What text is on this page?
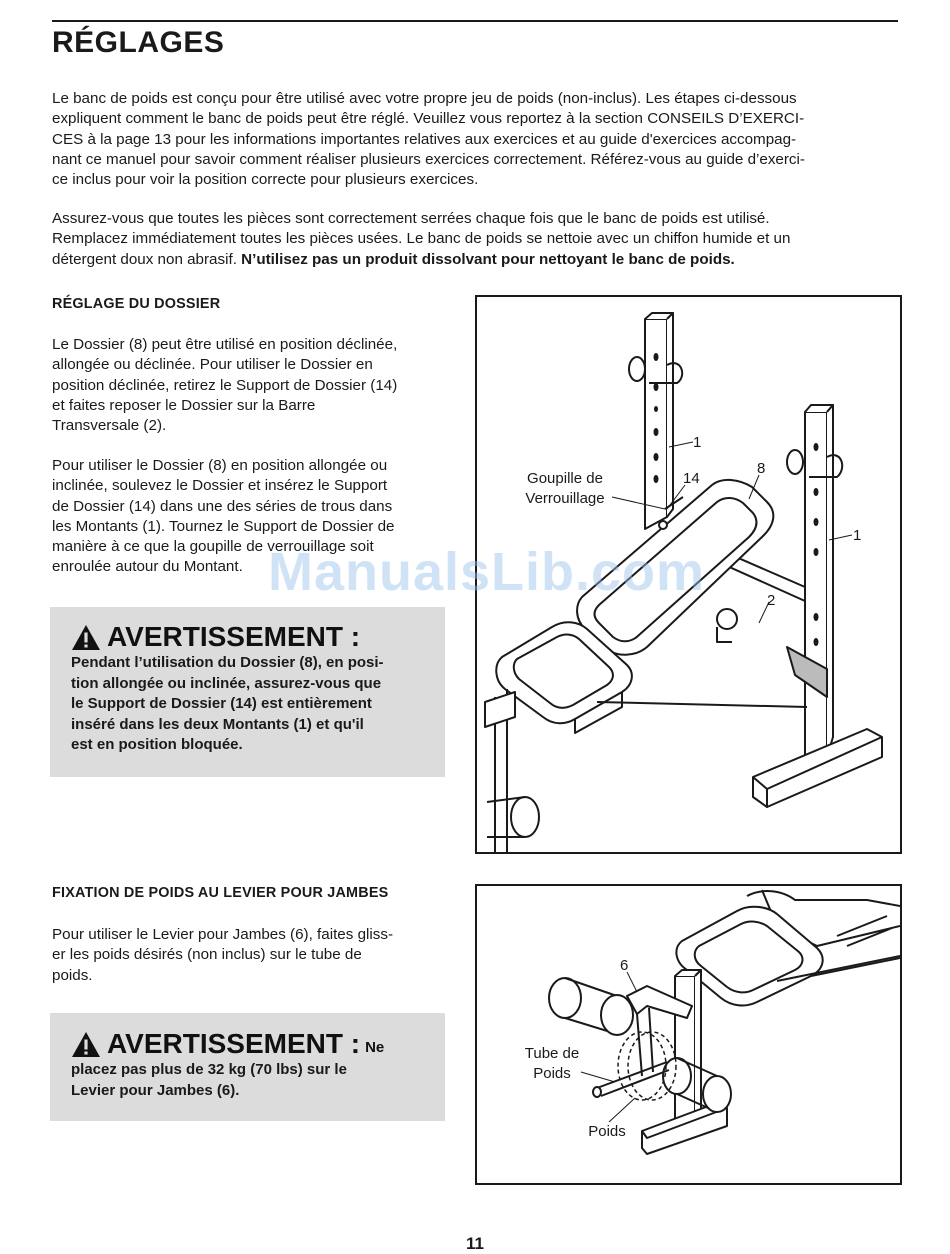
RÉGLAGES

Le banc de poids est conçu pour être utilisé avec votre propre jeu de poids (non-inclus). Les étapes ci-dessous
expliquent comment le banc de poids peut être réglé. Veuillez vous reportez à la section CONSEILS D’EXERCI-
CES à la page 13 pour les informations importantes relatives aux exercices et au guide d'exercices accompag-
nant ce manuel pour savoir comment réaliser plusieurs exercices correctement. Référez-vous au guide d’exerci-
ce inclus pour voir la position correcte pour plusieurs exercices.

Assurez-vous que toutes les pièces sont correctement serrées chaque fois que le banc de poids est utilisé.
Remplacez immédiatement toutes les pièces usées. Le banc de poids se nettoie avec un chiffon humide et un
détergent doux non abrasif. N’utilisez pas un produit dissolvant pour nettoyant le banc de poids.

RÉGLAGE DU DOSSIER

Le Dossier (8) peut être utilisé en position déclinée,
allongée ou déclinée. Pour utiliser le Dossier en
position déclinée, retirez le Support de Dossier (14)
et faites reposer le Dossier sur la Barre
Transversale (2).

Pour utiliser le Dossier (8) en position allongée ou
inclinée, soulevez le Dossier et insérez le Support
de Dossier (14) dans une des séries de trous dans
les Montants (1). Tournez le Support de Dossier de
manière à ce que la goupille de verrouillage soit
enroulée autour du Montant.

AVERTISSEMENT :
Pendant l’utilisation du Dossier (8), en posi-
tion allongée ou inclinée, assurez-vous que
le Support de Dossier (14) est entièrement
inséré dans les deux Montants (1) et qu'il
est en position bloquée.
FIXATION DE POIDS AU LEVIER POUR JAMBES

Pour utiliser le Levier pour Jambes (6), faites gliss-
er les poids désirés (non inclus) sur le tube de
poids.

AVERTISSEMENT : Ne
placez pas plus de 32 kg (70 lbs) sur le
Levier pour Jambes (6).
Goupille de
Verrouillage
1
14
8
1
2
6
Tube de
Poids
Poids
ManualsLib.com
11
